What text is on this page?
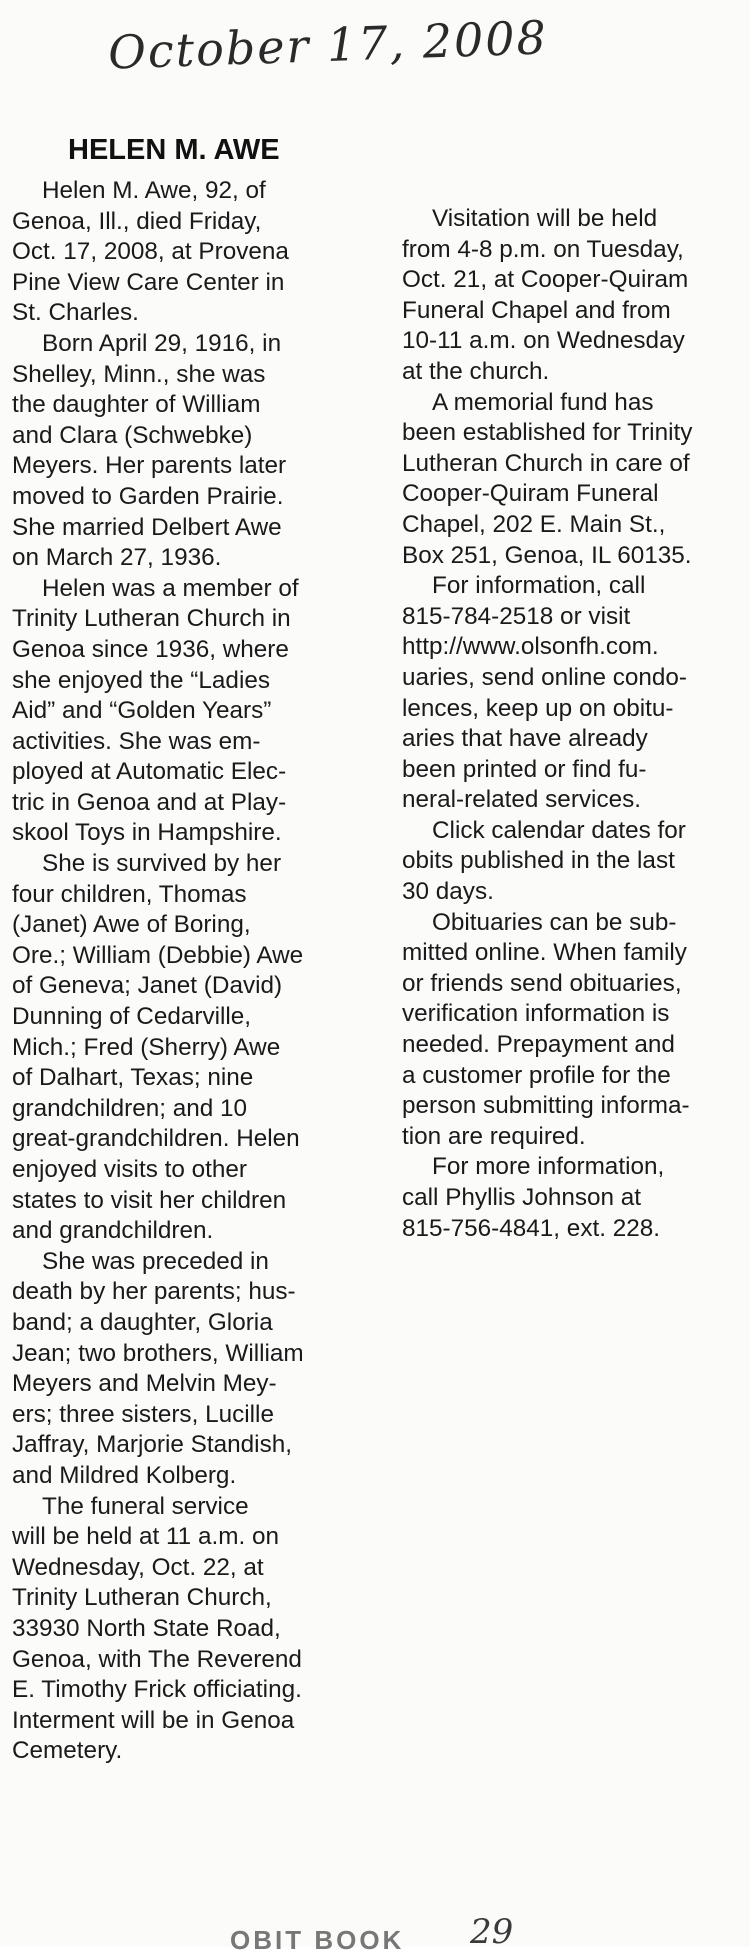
October 17, 2008
HELEN M. AWE
Helen M. Awe, 92, of
Genoa, Ill., died Friday,
Oct. 17, 2008, at Provena
Pine View Care Center in
St. Charles.
Born April 29, 1916, in
Shelley, Minn., she was
the daughter of William
and Clara (Schwebke)
Meyers. Her parents later
moved to Garden Prairie.
She married Delbert Awe
on March 27, 1936.
Helen was a member of
Trinity Lutheran Church in
Genoa since 1936, where
she enjoyed the “Ladies
Aid” and “Golden Years”
activities. She was em-
ployed at Automatic Elec-
tric in Genoa and at Play-
skool Toys in Hampshire.
She is survived by her
four children, Thomas
(Janet) Awe of Boring,
Ore.; William (Debbie) Awe
of Geneva; Janet (David)
Dunning of Cedarville,
Mich.; Fred (Sherry) Awe
of Dalhart, Texas; nine
grandchildren; and 10
great-grandchildren. Helen
enjoyed visits to other
states to visit her children
and grandchildren.
She was preceded in
death by her parents; hus-
band; a daughter, Gloria
Jean; two brothers, William
Meyers and Melvin Mey-
ers; three sisters, Lucille
Jaffray, Marjorie Standish,
and Mildred Kolberg.
The funeral service
will be held at 11 a.m. on
Wednesday, Oct. 22, at
Trinity Lutheran Church,
33930 North State Road,
Genoa, with The Reverend
E. Timothy Frick officiating.
Interment will be in Genoa
Cemetery.
Visitation will be held
from 4-8 p.m. on Tuesday,
Oct. 21, at Cooper-Quiram
Funeral Chapel and from
10-11 a.m. on Wednesday
at the church.
A memorial fund has
been established for Trinity
Lutheran Church in care of
Cooper-Quiram Funeral
Chapel, 202 E. Main St.,
Box 251, Genoa, IL 60135.
For information, call
815-784-2518 or visit
http://www.olsonfh.com.
uaries, send online condo-
lences, keep up on obitu-
aries that have already
been printed or find fu-
neral-related services.
Click calendar dates for
obits published in the last
30 days.
Obituaries can be sub-
mitted online. When family
or friends send obituaries,
verification information is
needed. Prepayment and
a customer profile for the
person submitting informa-
tion are required.
For more information,
call Phyllis Johnson at
815-756-4841, ext. 228.
OBIT BOOK 29
